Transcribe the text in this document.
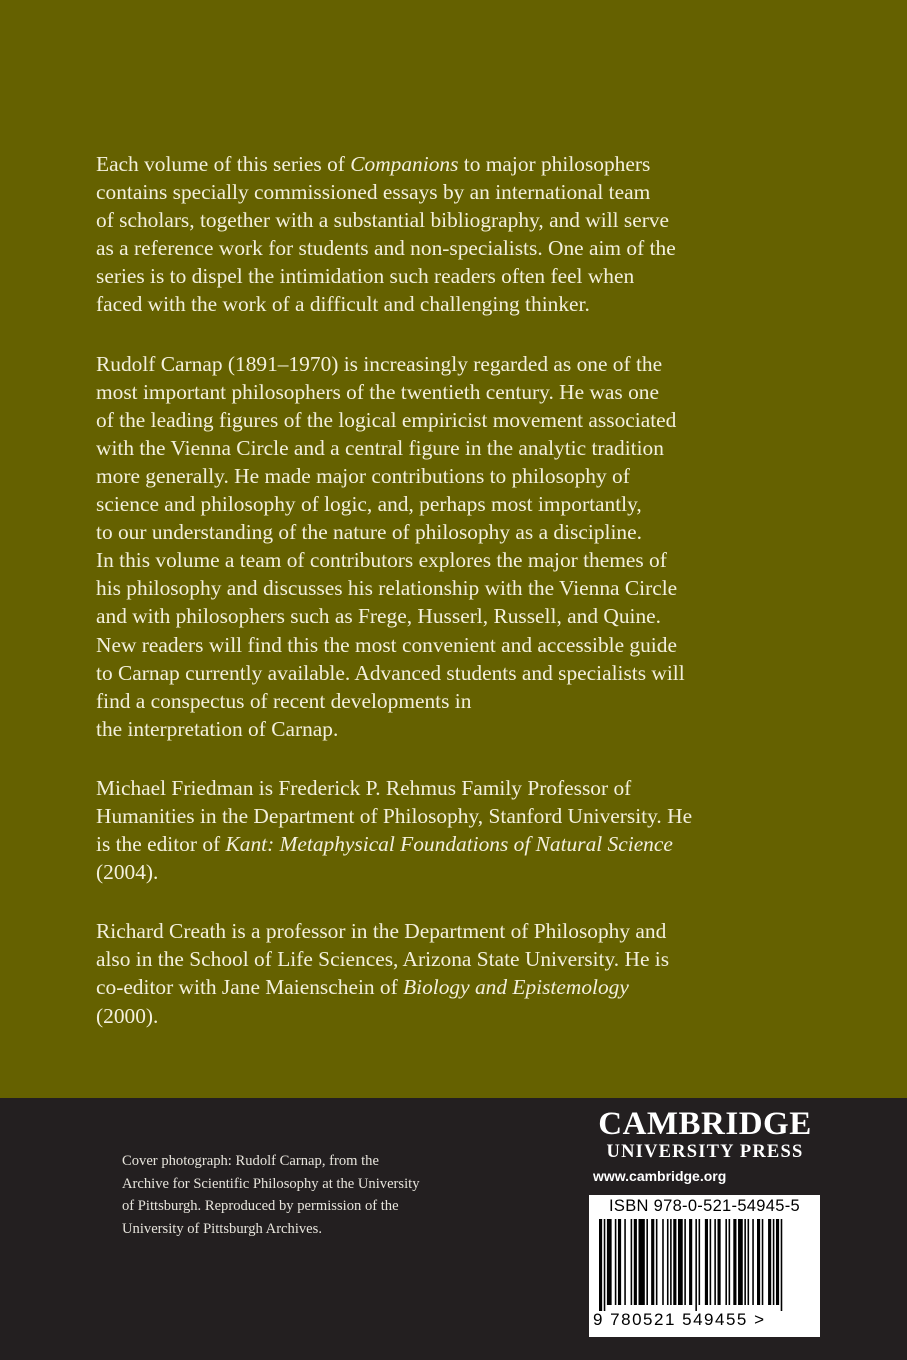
Each volume of this series of Companions to major philosophers
contains specially commissioned essays by an international team
of scholars, together with a substantial bibliography, and will serve
as a reference work for students and non-specialists. One aim of the
series is to dispel the intimidation such readers often feel when
faced with the work of a difficult and challenging thinker.

Rudolf Carnap (1891–1970) is increasingly regarded as one of the
most important philosophers of the twentieth century. He was one
of the leading figures of the logical empiricist movement associated
with the Vienna Circle and a central figure in the analytic tradition
more generally. He made major contributions to philosophy of
science and philosophy of logic, and, perhaps most importantly,
to our understanding of the nature of philosophy as a discipline.
In this volume a team of contributors explores the major themes of
his philosophy and discusses his relationship with the Vienna Circle
and with philosophers such as Frege, Husserl, Russell, and Quine.
New readers will find this the most convenient and accessible guide
to Carnap currently available. Advanced students and specialists will
find a conspectus of recent developments in
the interpretation of Carnap.

Michael Friedman is Frederick P. Rehmus Family Professor of
Humanities in the Department of Philosophy, Stanford University. He
is the editor of Kant: Metaphysical Foundations of Natural Science
(2004).

Richard Creath is a professor in the Department of Philosophy and
also in the School of Life Sciences, Arizona State University. He is
co-editor with Jane Maienschein of Biology and Epistemology
(2000).

Cover photograph: Rudolf Carnap, from the
Archive for Scientific Philosophy at the University
of Pittsburgh. Reproduced by permission of the
University of Pittsburgh Archives.
CAMBRIDGE
UNIVERSITY PRESS
www.cambridge.org
ISBN 978-0-521-54945-5
9 780521 549455 >
